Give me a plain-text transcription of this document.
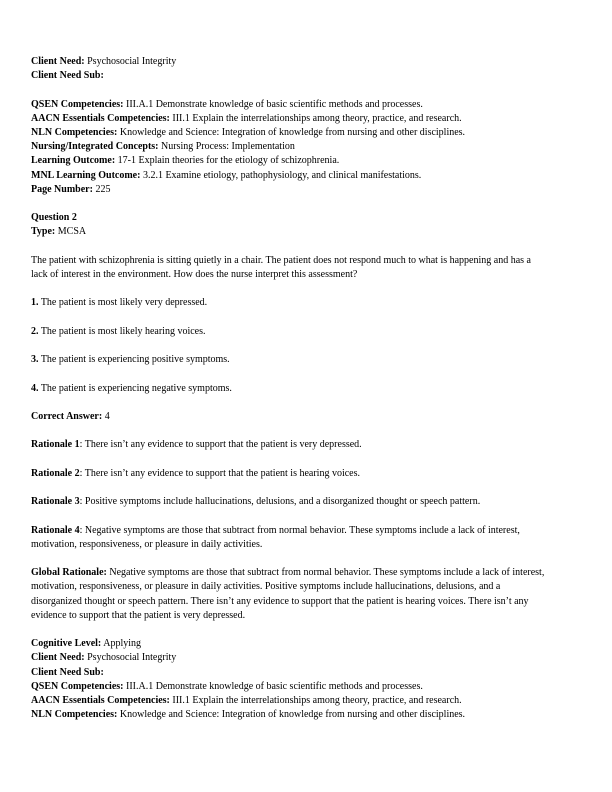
Client Need: Psychosocial Integrity

Client Need Sub:

QSEN Competencies: III.A.1 Demonstrate knowledge of basic scientific methods and processes.

AACN Essentials Competencies: III.1 Explain the interrelationships among theory, practice, and research.

NLN Competencies: Knowledge and Science: Integration of knowledge from nursing and other disciplines.

Nursing/Integrated Concepts: Nursing Process: Implementation

Learning Outcome: 17-1 Explain theories for the etiology of schizophrenia.

MNL Learning Outcome: 3.2.1 Examine etiology, pathophysiology, and clinical manifestations.

Page Number: 225

Question 2

Type: MCSA

The patient with schizophrenia is sitting quietly in a chair. The patient does not respond much to what is happening and has a lack of interest in the environment. How does the nurse interpret this assessment?

1. The patient is most likely very depressed.

2. The patient is most likely hearing voices.

3. The patient is experiencing positive symptoms.

4. The patient is experiencing negative symptoms.

Correct Answer: 4

Rationale 1: There isn’t any evidence to support that the patient is very depressed.

Rationale 2: There isn’t any evidence to support that the patient is hearing voices.

Rationale 3: Positive symptoms include hallucinations, delusions, and a disorganized thought or speech pattern.

Rationale 4: Negative symptoms are those that subtract from normal behavior. These symptoms include a lack of interest, motivation, responsiveness, or pleasure in daily activities.

Global Rationale: Negative symptoms are those that subtract from normal behavior. These symptoms include a lack of interest, motivation, responsiveness, or pleasure in daily activities. Positive symptoms include hallucinations, delusions, and a disorganized thought or speech pattern. There isn’t any evidence to support that the patient is hearing voices. There isn’t any evidence to support that the patient is very depressed.

Cognitive Level: Applying

Client Need: Psychosocial Integrity

Client Need Sub:

QSEN Competencies: III.A.1 Demonstrate knowledge of basic scientific methods and processes.

AACN Essentials Competencies: III.1 Explain the interrelationships among theory, practice, and research.

NLN Competencies: Knowledge and Science: Integration of knowledge from nursing and other disciplines.
